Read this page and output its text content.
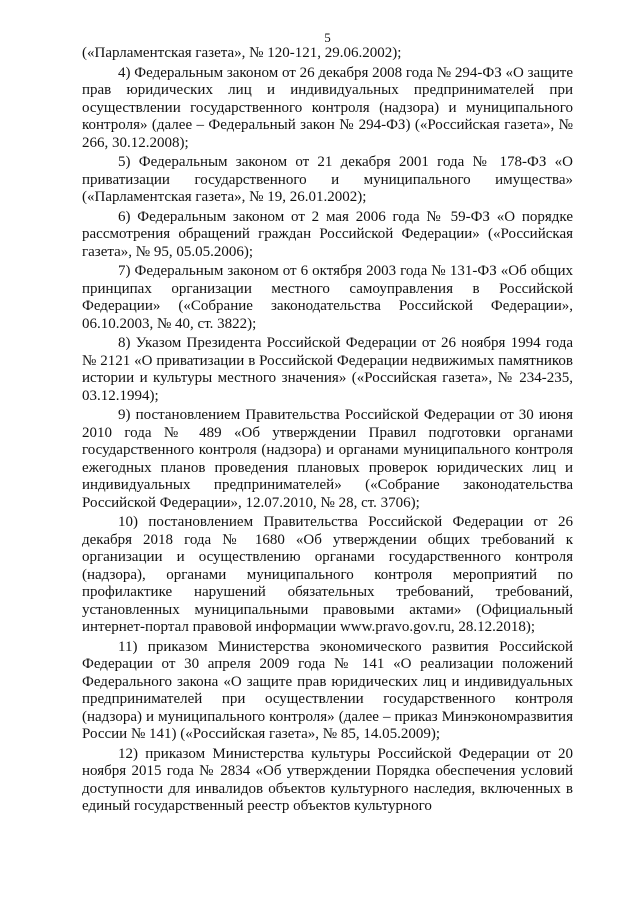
5

(«Парламентская газета», № 120-121, 29.06.2002);

4) Федеральным законом от 26 декабря 2008 года № 294-ФЗ «О защите прав юридических лиц и индивидуальных предпринимателей при осуществлении государственного контроля (надзора) и муниципального контроля» (далее – Федеральный закон № 294-ФЗ) («Российская газета», № 266, 30.12.2008);

5) Федеральным законом от 21 декабря 2001 года № 178-ФЗ «О приватизации государственного и муниципального имущества» («Парламентская газета», № 19, 26.01.2002);

6) Федеральным законом от 2 мая 2006 года № 59-ФЗ «О порядке рассмотрения обращений граждан Российской Федерации» («Российская газета», № 95, 05.05.2006);

7) Федеральным законом от 6 октября 2003 года № 131-ФЗ «Об общих принципах организации местного самоуправления в Российской Федерации» («Собрание законодательства Российской Федерации», 06.10.2003, № 40, ст. 3822);

8) Указом Президента Российской Федерации от 26 ноября 1994 года № 2121 «О приватизации в Российской Федерации недвижимых памятников истории и культуры местного значения» («Российская газета», № 234-235, 03.12.1994);

9) постановлением Правительства Российской Федерации от 30 июня 2010 года № 489 «Об утверждении Правил подготовки органами государственного контроля (надзора) и органами муниципального контроля ежегодных планов проведения плановых проверок юридических лиц и индивидуальных предпринимателей» («Собрание законодательства Российской Федерации», 12.07.2010, № 28, ст. 3706);

10) постановлением Правительства Российской Федерации от 26 декабря 2018 года № 1680 «Об утверждении общих требований к организации и осуществлению органами государственного контроля (надзора), органами муниципального контроля мероприятий по профилактике нарушений обязательных требований, требований, установленных муниципальными правовыми актами» (Официальный интернет-портал правовой информации www.pravo.gov.ru, 28.12.2018);

11) приказом Министерства экономического развития Российской Федерации от 30 апреля 2009 года № 141 «О реализации положений Федерального закона «О защите прав юридических лиц и индивидуальных предпринимателей при осуществлении государственного контроля (надзора) и муниципального контроля» (далее – приказ Минэкономразвития России № 141) («Российская газета», № 85, 14.05.2009);

12) приказом Министерства культуры Российской Федерации от 20 ноября 2015 года № 2834 «Об утверждении Порядка обеспечения условий доступности для инвалидов объектов культурного наследия, включенных в единый государственный реестр объектов культурного
